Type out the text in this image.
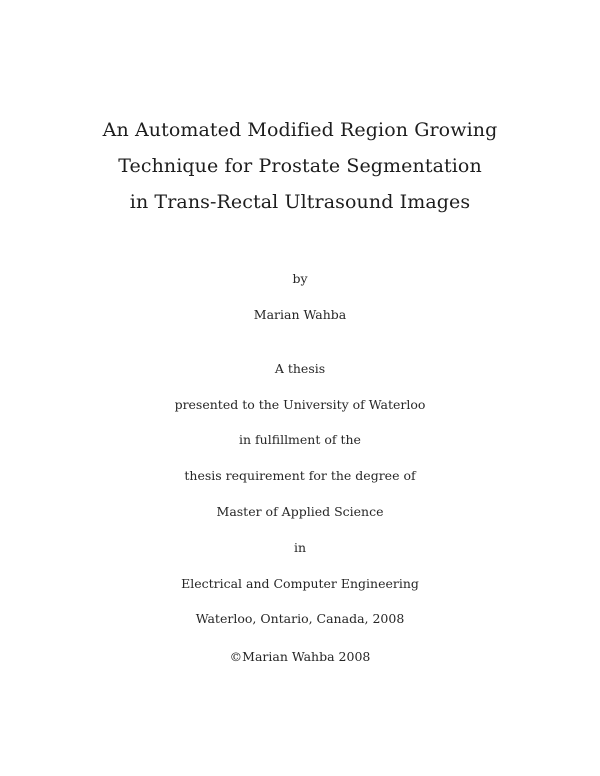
An Automated Modified Region Growing
Technique for Prostate Segmentation
in Trans-Rectal Ultrasound Images
by
Marian Wahba
A thesis
presented to the University of Waterloo
in fulfillment of the
thesis requirement for the degree of
Master of Applied Science
in
Electrical and Computer Engineering
Waterloo, Ontario, Canada, 2008
©Marian Wahba 2008
